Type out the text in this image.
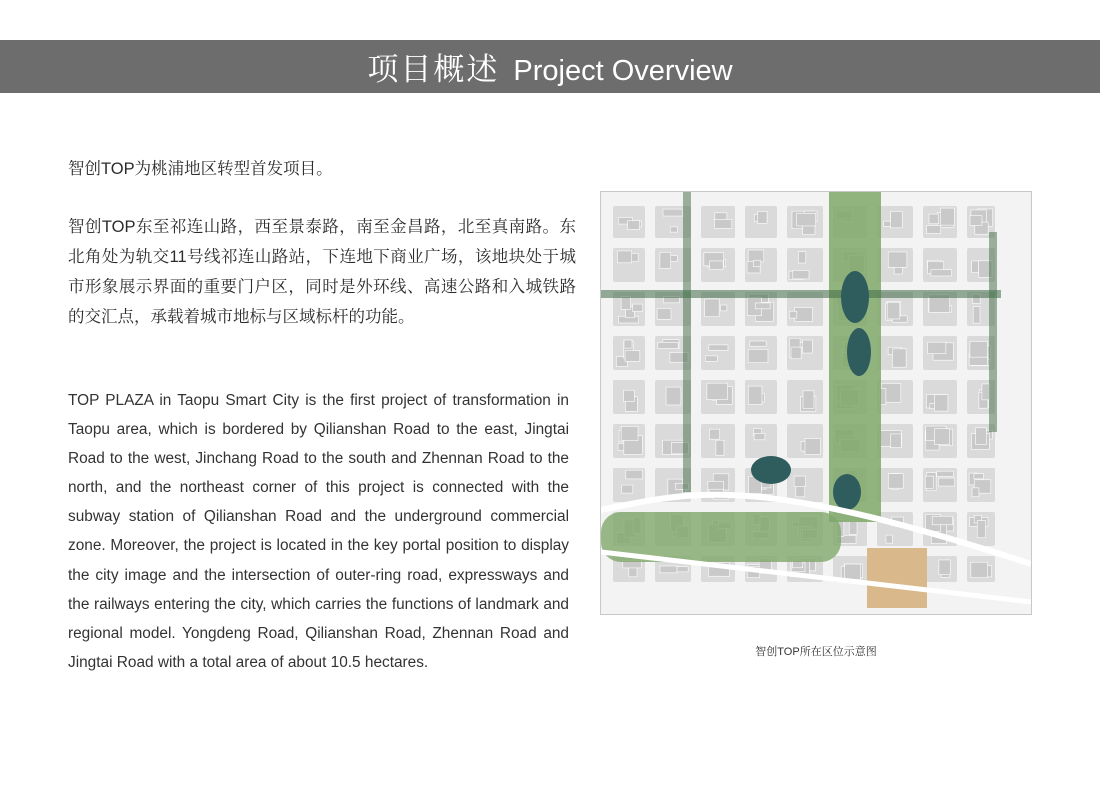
项目概述 Project Overview

智创TOP为桃浦地区转型首发项目。

智创TOP东至祁连山路，西至景泰路，南至金昌路，北至真南路。东北角处为轨交11号线祁连山路站，下连地下商业广场，该地块处于城市形象展示界面的重要门户区，同时是外环线、高速公路和入城铁路的交汇点，承载着城市地标与区域标杆的功能。

TOP PLAZA in Taopu Smart City is the first project of transformation in Taopu area, which is bordered by Qilianshan Road to the east, Jingtai Road to the west, Jinchang Road to the south and Zhennan Road to the north, and the northeast corner of this project is connected with the subway station of Qilianshan Road and the underground commercial zone. Moreover, the project is located in the key portal position to display the city image and the intersection of outer-ring road, expressways and the railways entering the city, which carries the functions of landmark and regional model. Yongdeng Road, Qilianshan Road, Zhennan Road and Jingtai Road with a total area of about 10.5 hectares.

智创TOP所在区位示意图
